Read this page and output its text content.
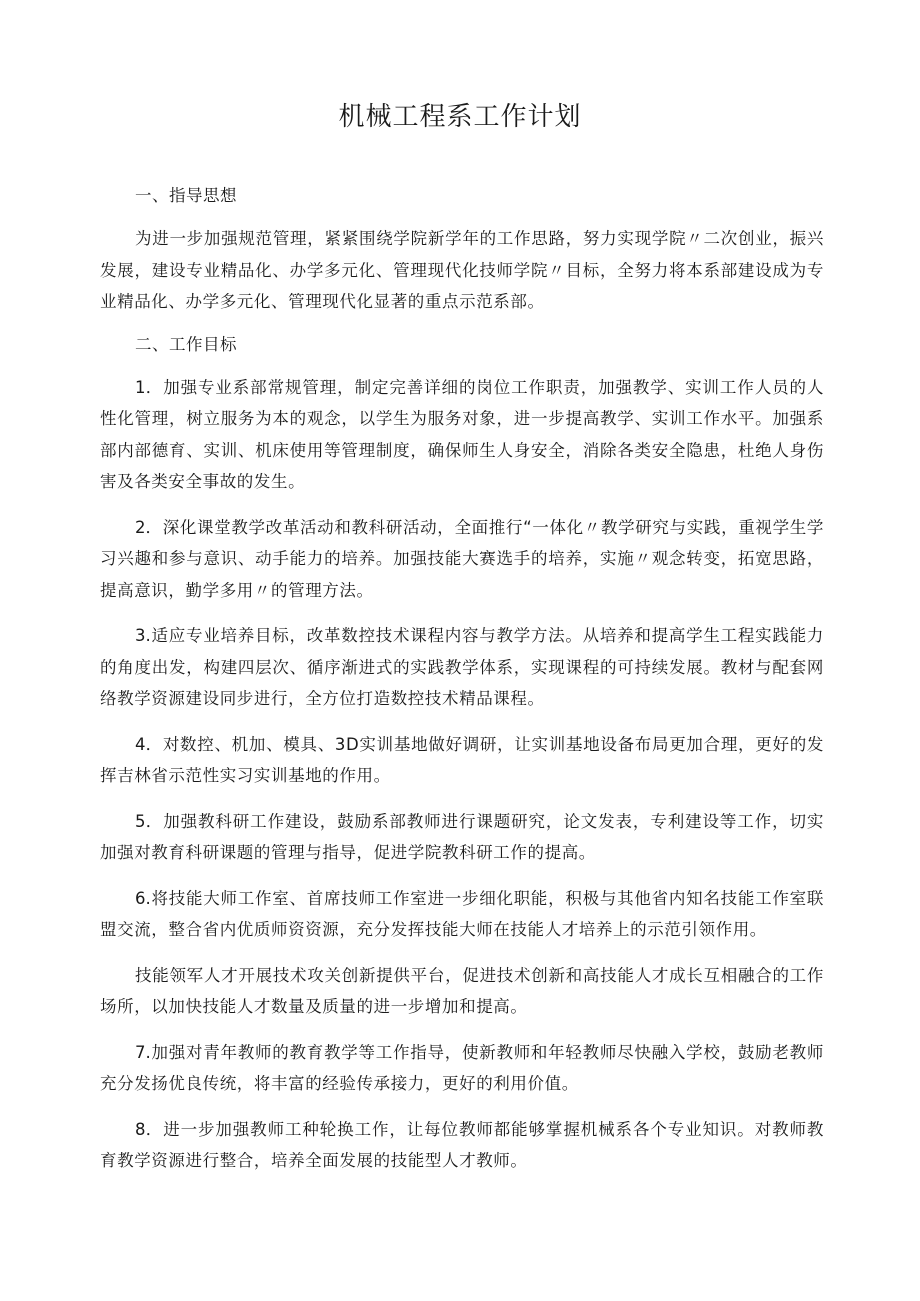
机械工程系工作计划

一、指导思想

为进一步加强规范管理，紧紧围绕学院新学年的工作思路，努力实现学院〃二次创业，振兴发展，建设专业精品化、办学多元化、管理现代化技师学院〃目标，全努力将本系部建设成为专业精品化、办学多元化、管理现代化显著的重点示范系部。

二、工作目标

1．加强专业系部常规管理，制定完善详细的岗位工作职责，加强教学、实训工作人员的人性化管理，树立服务为本的观念，以学生为服务对象，进一步提高教学、实训工作水平。加强系部内部德育、实训、机床使用等管理制度，确保师生人身安全，消除各类安全隐患，杜绝人身伤害及各类安全事故的发生。

2．深化课堂教学改革活动和教科研活动，全面推行“一体化〃教学研究与实践，重视学生学习兴趣和参与意识、动手能力的培养。加强技能大赛选手的培养，实施〃观念转变，拓宽思路，提高意识，勤学多用〃的管理方法。

3.适应专业培养目标，改革数控技术课程内容与教学方法。从培养和提高学生工程实践能力的角度出发，构建四层次、循序渐进式的实践教学体系，实现课程的可持续发展。教材与配套网络教学资源建设同步进行，全方位打造数控技术精品课程。

4．对数控、机加、模具、3D实训基地做好调研，让实训基地设备布局更加合理，更好的发挥吉林省示范性实习实训基地的作用。

5．加强教科研工作建设，鼓励系部教师进行课题研究，论文发表，专利建设等工作，切实加强对教育科研课题的管理与指导，促进学院教科研工作的提高。

6.将技能大师工作室、首席技师工作室进一步细化职能，积极与其他省内知名技能工作室联盟交流，整合省内优质师资资源，充分发挥技能大师在技能人才培养上的示范引领作用。

技能领军人才开展技术攻关创新提供平台，促进技术创新和高技能人才成长互相融合的工作场所，以加快技能人才数量及质量的进一步增加和提高。

7.加强对青年教师的教育教学等工作指导，使新教师和年轻教师尽快融入学校，鼓励老教师充分发扬优良传统，将丰富的经验传承接力，更好的利用价值。

8．进一步加强教师工种轮换工作，让每位教师都能够掌握机械系各个专业知识。对教师教育教学资源进行整合，培养全面发展的技能型人才教师。
